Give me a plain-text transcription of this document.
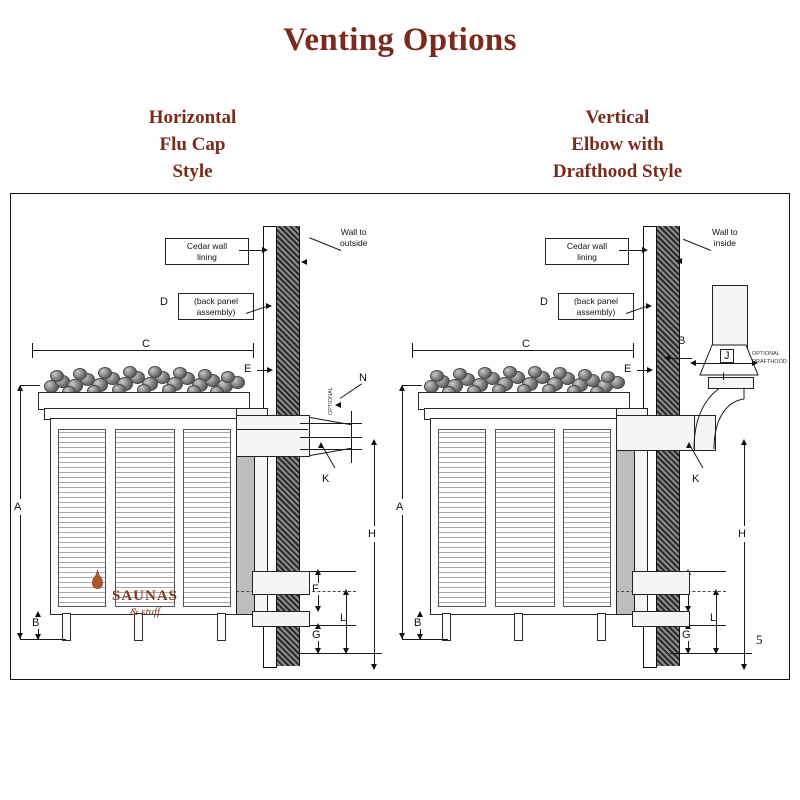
Venting Options
Horizontal
Flu Cap
Style
Vertical
Elbow with
Drafthood Style
Cedar wall
lining
Wall to
outside
D	(back panel
assembly)
C
E
N
K
OPTIONAL
A
B
F
G
L
H
SAUNAS
& stuff
Cedar wall
lining
Wall to
inside
D	(back panel
assembly)
C
E
B
J
I
OPTIONAL
DRAFTHOOD
K
A
B
G
L
H
5
